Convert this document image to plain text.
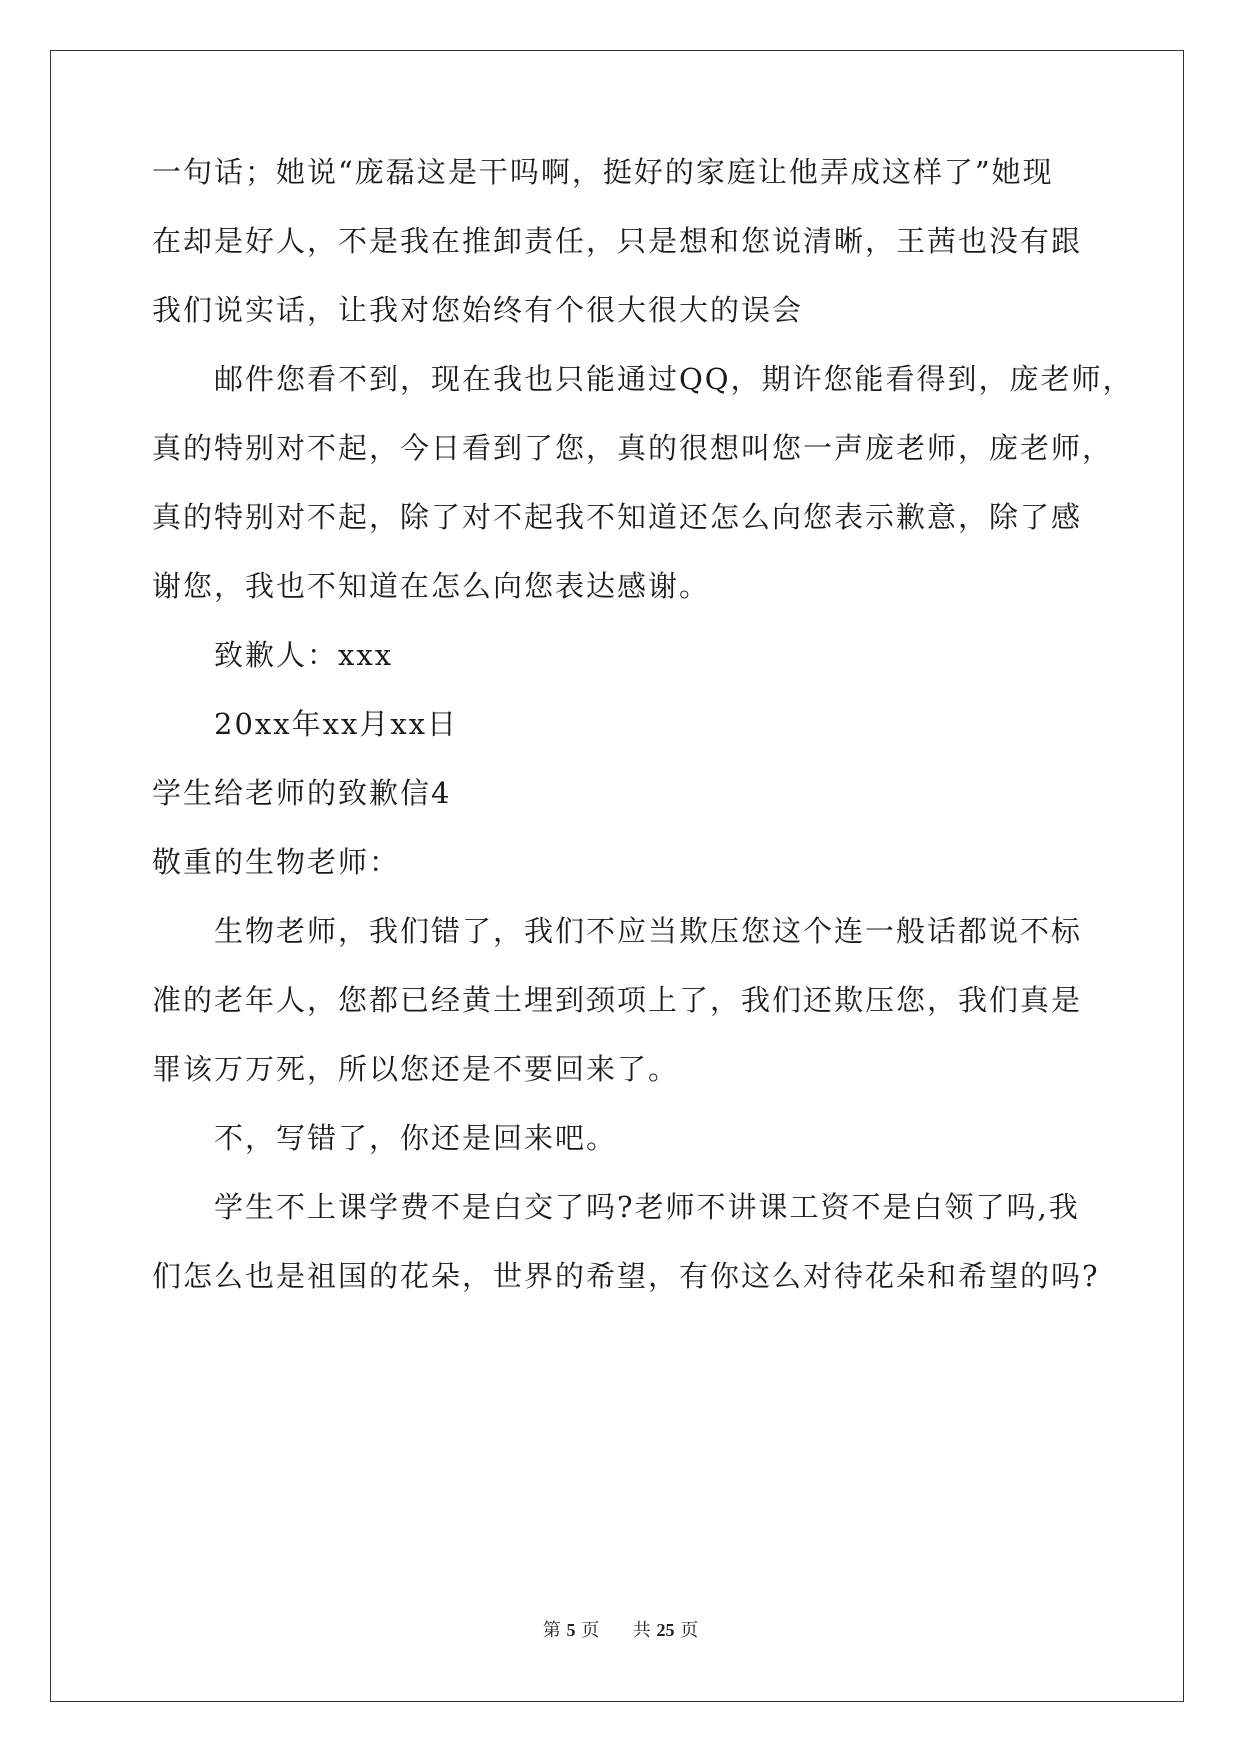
一句话；她说“庞磊这是干吗啊，挺好的家庭让他弄成这样了”她现
在却是好人，不是我在推卸责任，只是想和您说清晰，王茜也没有跟
我们说实话，让我对您始终有个很大很大的误会
邮件您看不到，现在我也只能通过QQ，期许您能看得到，庞老师，
真的特别对不起，今日看到了您，真的很想叫您一声庞老师，庞老师，
真的特别对不起，除了对不起我不知道还怎么向您表示歉意，除了感
谢您，我也不知道在怎么向您表达感谢。
致歉人：xxx
20xx年xx月xx日
学生给老师的致歉信4
敬重的生物老师：
生物老师，我们错了，我们不应当欺压您这个连一般话都说不标
准的老年人，您都已经黄土埋到颈项上了，我们还欺压您，我们真是
罪该万万死，所以您还是不要回来了。
不，写错了，你还是回来吧。
学生不上课学费不是白交了吗?老师不讲课工资不是白领了吗,我
们怎么也是祖国的花朵，世界的希望，有你这么对待花朵和希望的吗?
第 5 页 共 25 页
